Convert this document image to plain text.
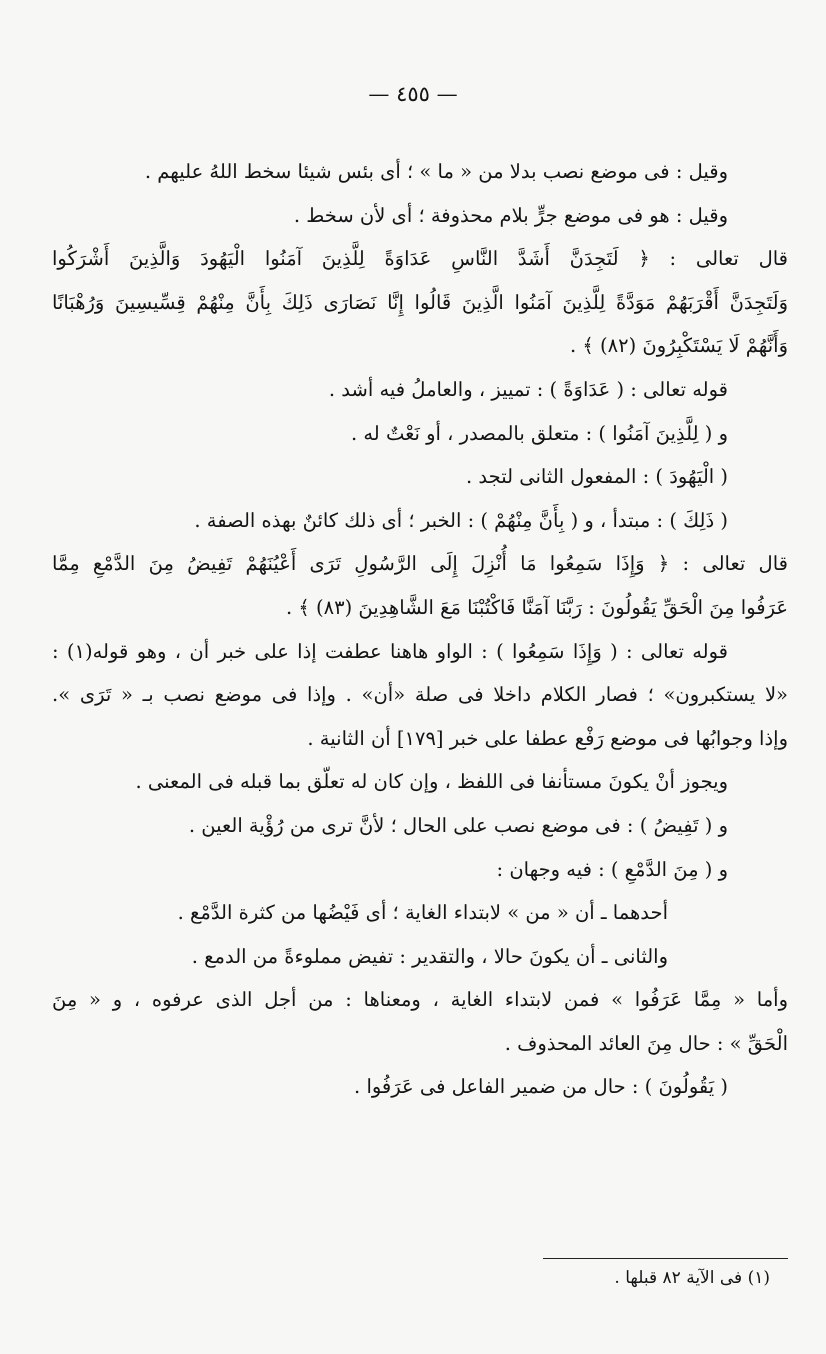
— ٤٥٥ —
وقيل : فى موضع نصب بدلا من « ما » ؛ أى بئس شيئا سخط اللهُ عليهم .
وقيل : هو فى موضع جرٍّ بلام محذوفة ؛ أى لأن سخط .
قال تعالى : ﴿ لَتَجِدَنَّ أَشَدَّ النَّاسِ عَدَاوَةً لِلَّذِينَ آمَنُوا الْيَهُودَ وَالَّذِينَ أَشْرَكُوا
وَلَتَجِدَنَّ أَقْرَبَهُمْ مَوَدَّةً لِلَّذِينَ آمَنُوا الَّذِينَ قَالُوا إِنَّا نَصَارَى ذَلِكَ بِأَنَّ مِنْهُمْ قِسِّيسِينَ وَرُهْبَانًا
وَأَنَّهُمْ لَا يَسْتَكْبِرُونَ (٨٢) ﴾ .
قوله تعالى : ( عَدَاوَةً ) : تمييز ، والعاملُ فيه أشد .
و ( لِلَّذِينَ آمَنُوا ) : متعلق بالمصدر ، أو نَعْتٌ له .
( الْيَهُودَ ) : المفعول الثانى لتجد .
( ذَلِكَ ) : مبتدأ ، و ( بِأَنَّ مِنْهُمْ ) : الخبر ؛ أى ذلك كائنٌ بهذه الصفة .
قال تعالى : ﴿ وَإِذَا سَمِعُوا مَا أُنْزِلَ إِلَى الرَّسُولِ تَرَى أَعْيُنَهُمْ تَفِيضُ مِنَ الدَّمْعِ مِمَّا
عَرَفُوا مِنَ الْحَقِّ يَقُولُونَ : رَبَّنَا آمَنَّا فَاكْتُبْنَا مَعَ الشَّاهِدِينَ (٨٣) ﴾ .
قوله تعالى : ( وَإِذَا سَمِعُوا ) : الواو هاهنا عطفت إذا على خبر أن ، وهو قوله(١) :
«لا يستكبرون» ؛ فصار الكلام داخلا فى صلة «أن» . وإذا فى موضع نصب بـ « تَرَى ».
وإذا وجوابُها فى موضع رَفْع عطفا على خبر [١٧٩] أن الثانية .
ويجوز أنْ يكونَ مستأنفا فى اللفظ ، وإن كان له تعلّق بما قبله فى المعنى .
و ( تَفِيضُ ) : فى موضع نصب على الحال ؛ لأنَّ ترى من رُؤْية العين .
و ( مِنَ الدَّمْعِ ) : فيه وجهان :
أحدهما ـ أن « من » لابتداء الغاية ؛ أى فَيْضُها من كثرة الدَّمْع .
والثانى ـ أن يكونَ حالا ، والتقدير : تفيض مملوءةً من الدمع .
وأما « مِمَّا عَرَفُوا » فمن لابتداء الغاية ، ومعناها : من أجل الذى عرفوه ، و « مِنَ
الْحَقِّ » : حال مِنَ العائد المحذوف .
( يَقُولُونَ ) : حال من ضمير الفاعل فى عَرَفُوا .
(١) فى الآية ٨٢ قبلها .
